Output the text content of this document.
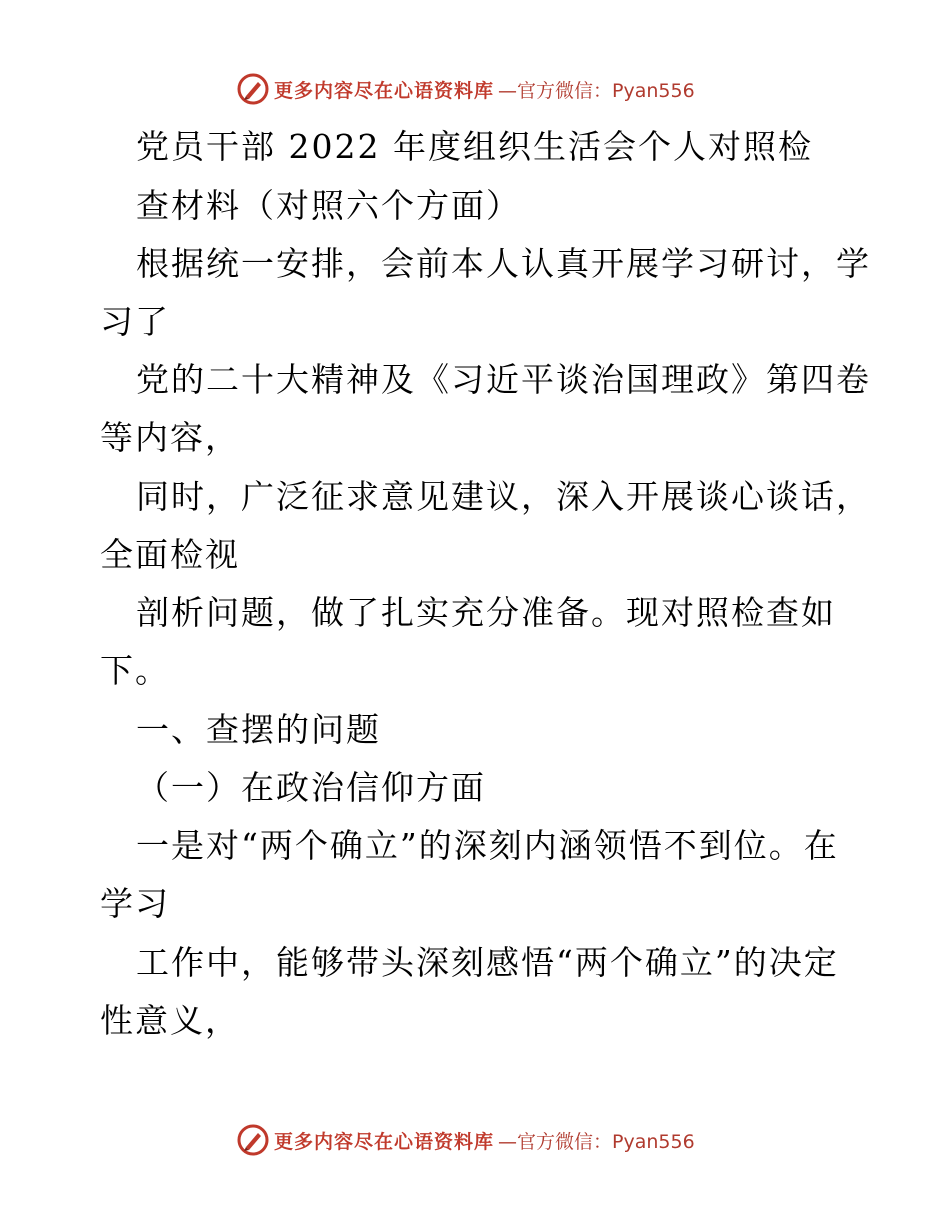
更多内容尽在心语资料库 —官方微信：Pyan556
党员干部 2022 年度组织生活会个人对照检
查材料（对照六个方面）
根据统一安排，会前本人认真开展学习研讨，学
习了
党的二十大精神及《习近平谈治国理政》第四卷
等内容，
同时，广泛征求意见建议，深入开展谈心谈话，
全面检视
剖析问题，做了扎实充分准备。现对照检查如
下。
一、查摆的问题
（一）在政治信仰方面
一是对“两个确立”的深刻内涵领悟不到位。在
学习
工作中，能够带头深刻感悟“两个确立”的决定
性意义，
更多内容尽在心语资料库 —官方微信：Pyan556
